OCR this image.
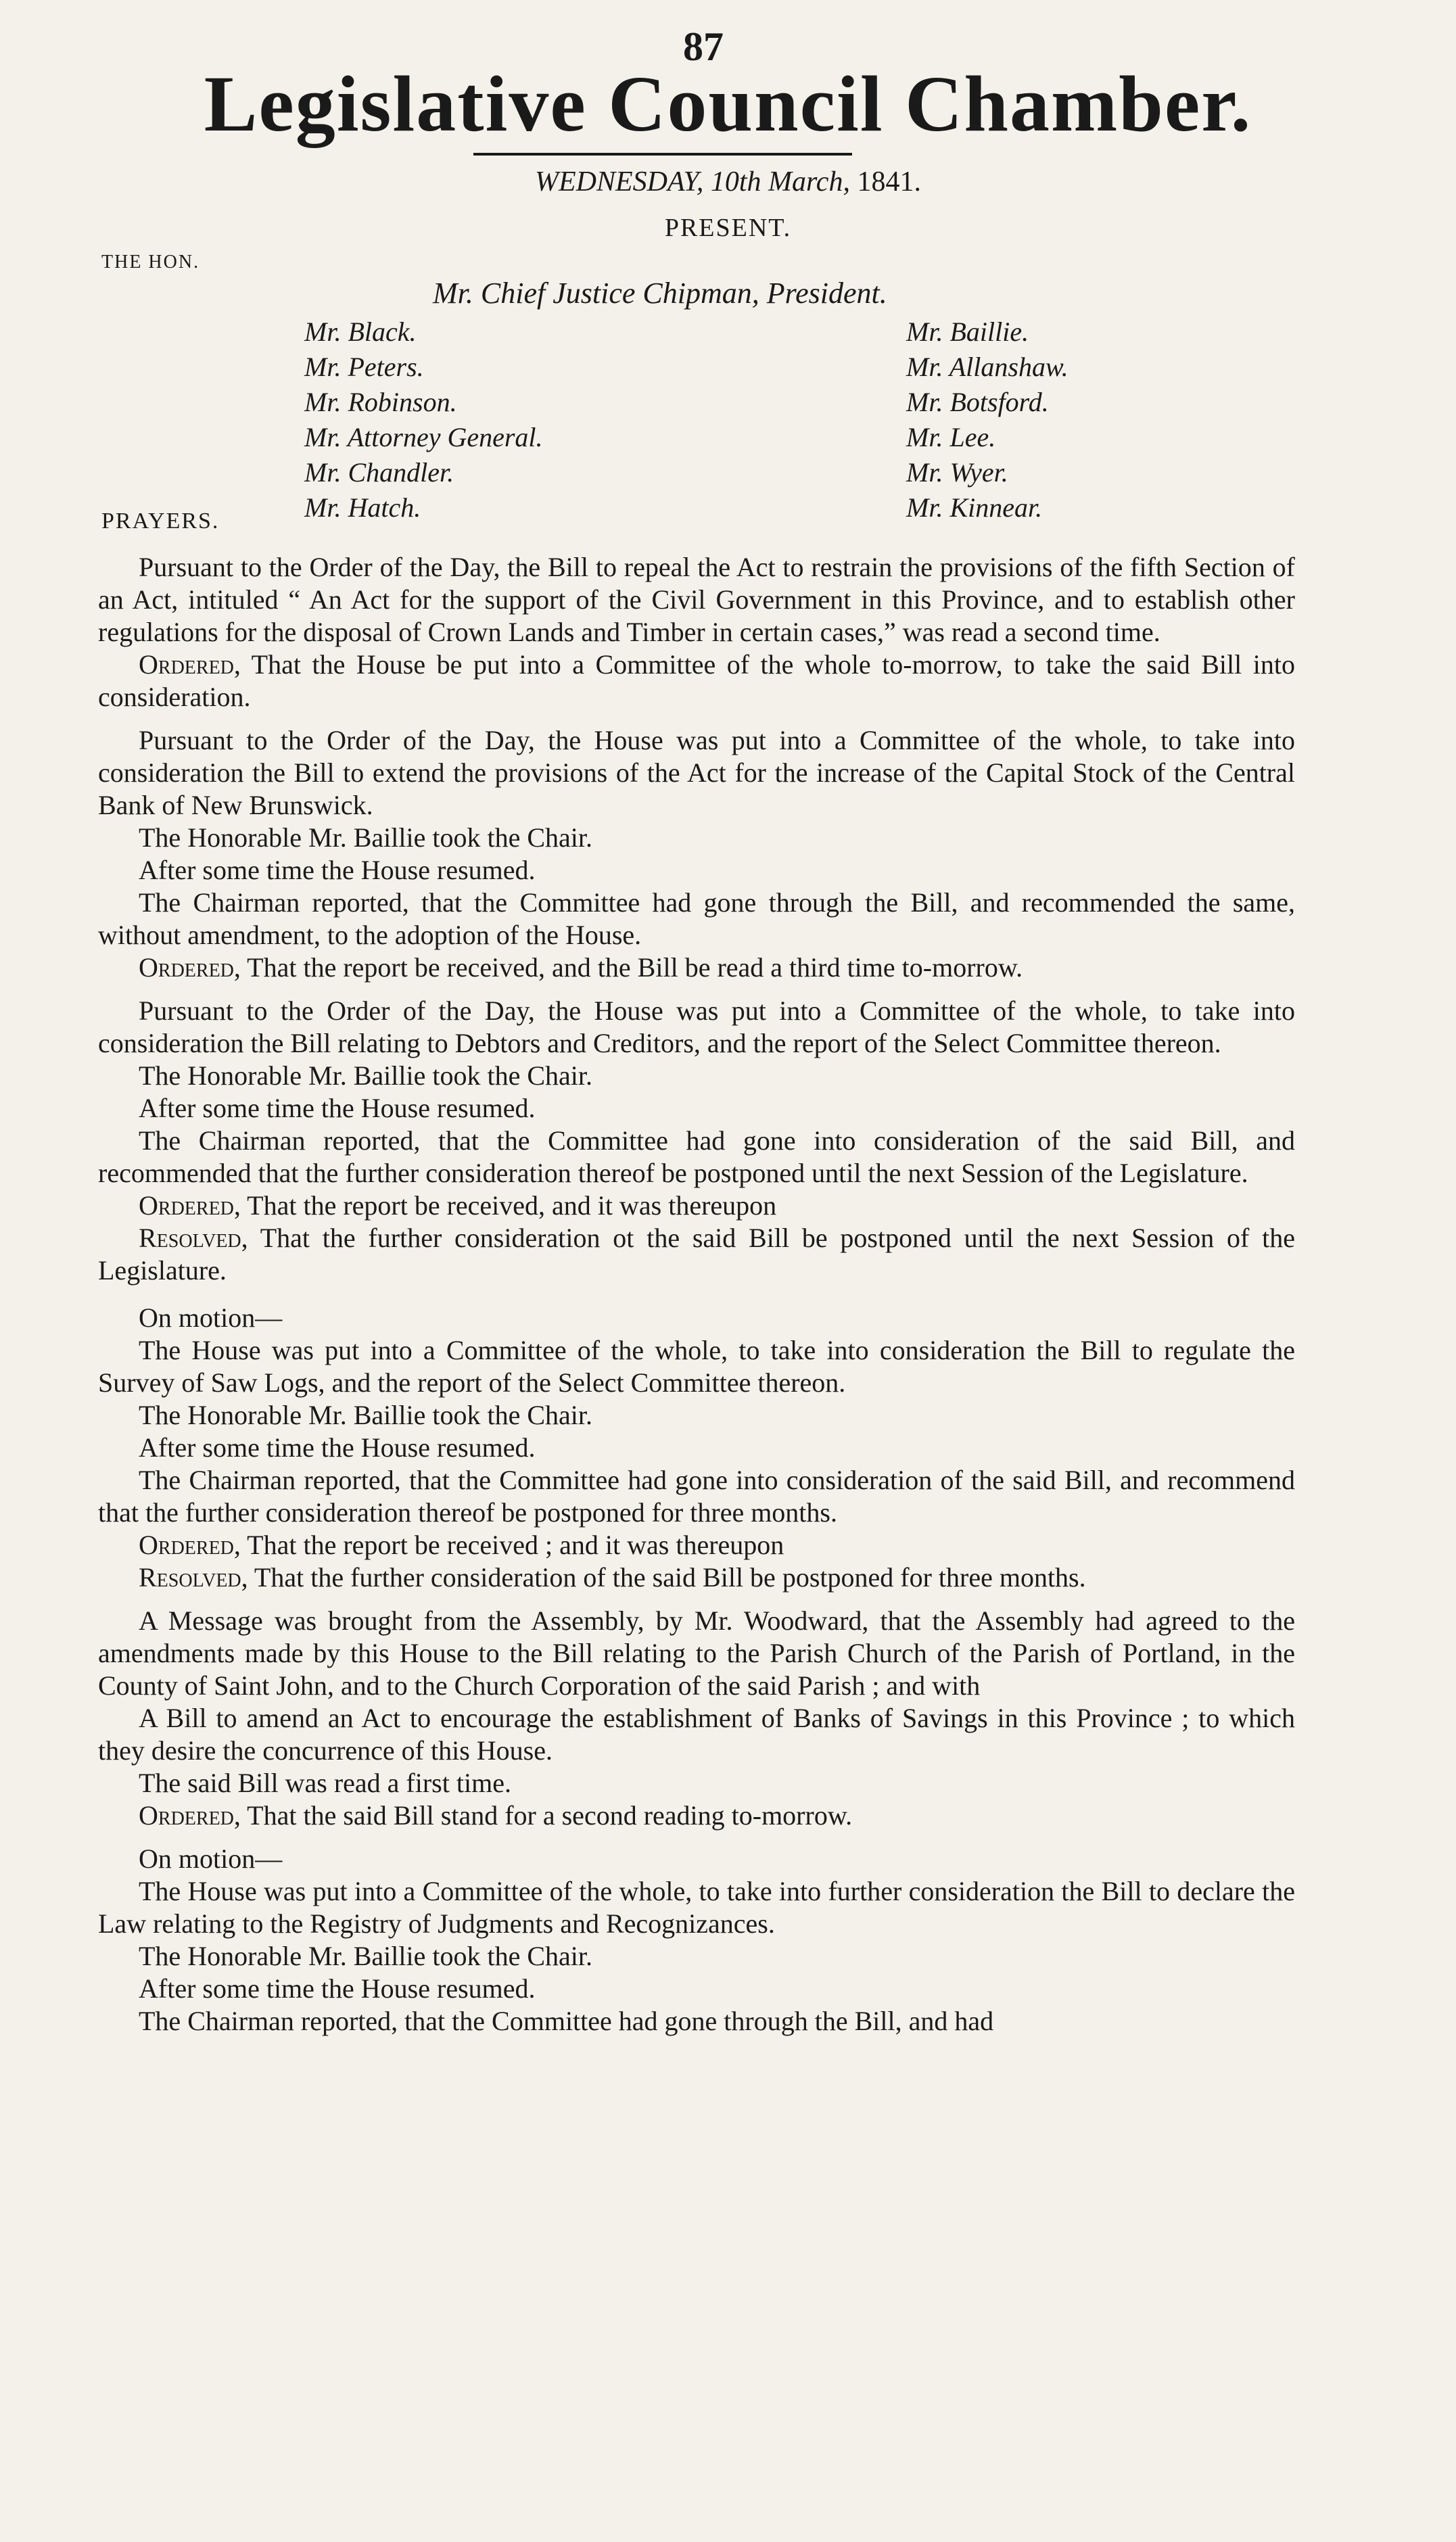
87
Legislative Council Chamber.
WEDNESDAY, 10th March, 1841.
PRESENT.
THE HON.
Mr. Chief Justice Chipman, President.
Mr. Black.
Mr. Peters.
Mr. Robinson.
Mr. Attorney General.
Mr. Chandler.
Mr. Hatch.
Mr. Baillie.
Mr. Allanshaw.
Mr. Botsford.
Mr. Lee.
Mr. Wyer.
Mr. Kinnear.
PRAYERS.

Pursuant to the Order of the Day, the Bill to repeal the Act to restrain the provisions of the fifth Section of an Act, intituled “ An Act for the support of the Civil Government in this Province, and to establish other regulations for the disposal of Crown Lands and Timber in certain cases,” was read a second time.

Ordered, That the House be put into a Committee of the whole to-morrow, to take the said Bill into consideration.

Pursuant to the Order of the Day, the House was put into a Committee of the whole, to take into consideration the Bill to extend the provisions of the Act for the increase of the Capital Stock of the Central Bank of New Brunswick.

The Honorable Mr. Baillie took the Chair.

After some time the House resumed.

The Chairman reported, that the Committee had gone through the Bill, and recommended the same, without amendment, to the adoption of the House.

Ordered, That the report be received, and the Bill be read a third time to-morrow.

Pursuant to the Order of the Day, the House was put into a Committee of the whole, to take into consideration the Bill relating to Debtors and Creditors, and the report of the Select Committee thereon.

The Honorable Mr. Baillie took the Chair.

After some time the House resumed.

The Chairman reported, that the Committee had gone into consideration of the said Bill, and recommended that the further consideration thereof be postponed until the next Session of the Legislature.

Ordered, That the report be received, and it was thereupon

Resolved, That the further consideration ot the said Bill be postponed until the next Session of the Legislature.

On motion—

The House was put into a Committee of the whole, to take into consideration the Bill to regulate the Survey of Saw Logs, and the report of the Select Committee thereon.

The Honorable Mr. Baillie took the Chair.

After some time the House resumed.

The Chairman reported, that the Committee had gone into consideration of the said Bill, and recommend that the further consideration thereof be postponed for three months.

Ordered, That the report be received ; and it was thereupon

Resolved, That the further consideration of the said Bill be postponed for three months.

A Message was brought from the Assembly, by Mr. Woodward, that the Assembly had agreed to the amendments made by this House to the Bill relating to the Parish Church of the Parish of Portland, in the County of Saint John, and to the Church Corporation of the said Parish ; and with

A Bill to amend an Act to encourage the establishment of Banks of Savings in this Province ; to which they desire the concurrence of this House.

The said Bill was read a first time.

Ordered, That the said Bill stand for a second reading to-morrow.

On motion—

The House was put into a Committee of the whole, to take into further consideration the Bill to declare the Law relating to the Registry of Judgments and Recognizances.

The Honorable Mr. Baillie took the Chair.

After some time the House resumed.

The Chairman reported, that the Committee had gone through the Bill, and had
